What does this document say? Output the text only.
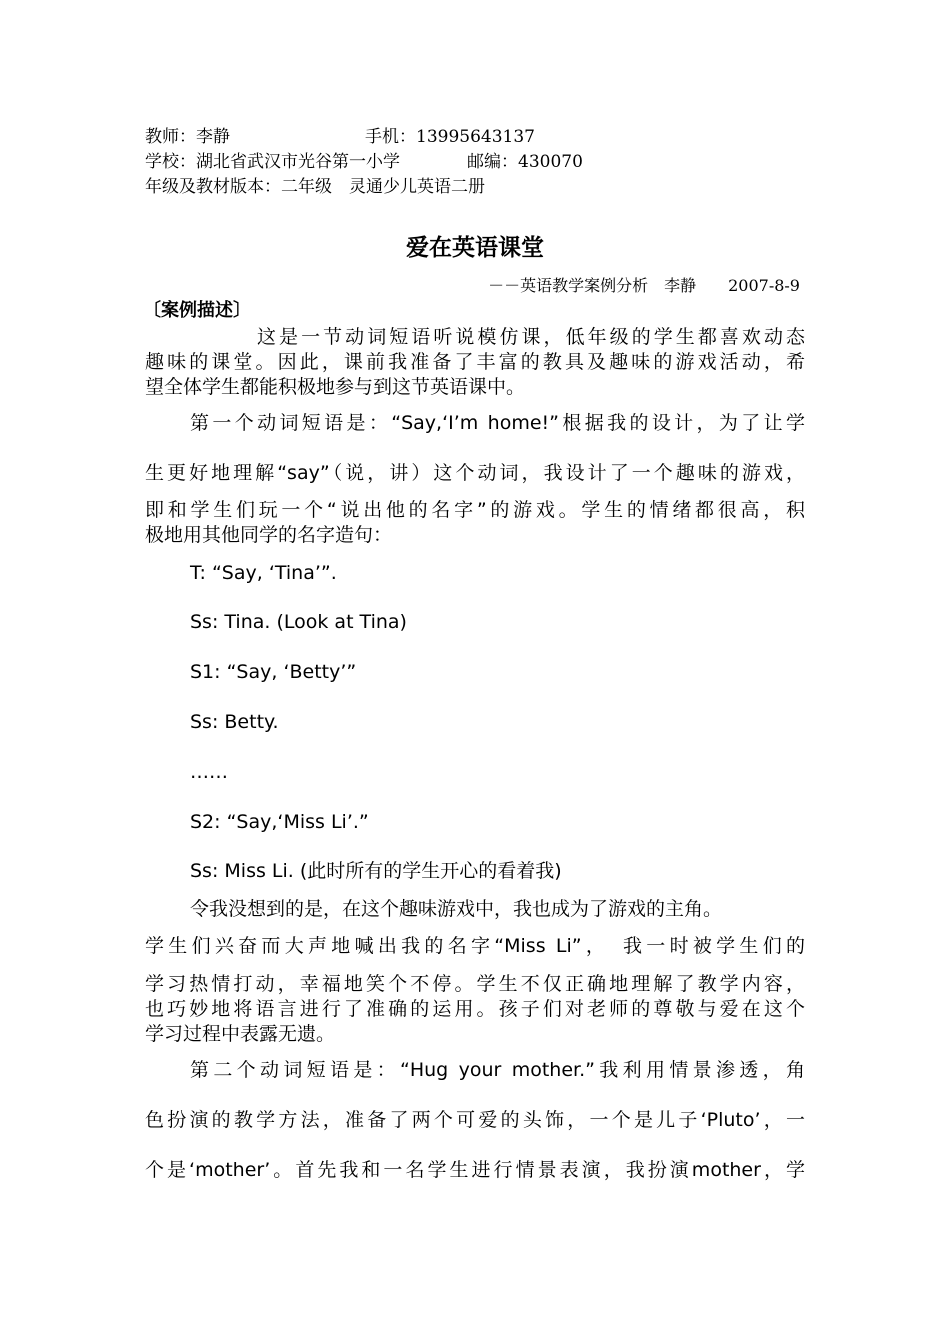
教师：李静	手机：13995643137
学校：湖北省武汉市光谷第一小学	邮编：430070
年级及教材版本：二年级　灵通少儿英语二册
爱在英语课堂
－－英语教学案例分析　李静　　2007-8-9
〔案例描述〕
这是一节动词短语听说模仿课，低年级的学生都喜欢动态
趣味的课堂。因此，课前我准备了丰富的教具及趣味的游戏活动，希
望全体学生都能积极地参与到这节英语课中。
第一个动词短语是：“Say,‘I’m home!”根据我的设计，为了让学
生更好地理解“say”（说，讲）这个动词，我设计了一个趣味的游戏，
即和学生们玩一个“说出他的名字”的游戏。学生的情绪都很高，积
极地用其他同学的名字造句：
T: “Say, ‘Tina’”.
Ss: Tina. (Look at Tina)
S1: “Say, ‘Betty’”
Ss: Betty.
……
S2: “Say,‘Miss Li’.”
Ss: Miss Li. (此时所有的学生开心的看着我)
令我没想到的是，在这个趣味游戏中，我也成为了游戏的主角。
学生们兴奋而大声地喊出我的名字“Miss Li”，　我一时被学生们的
学习热情打动，幸福地笑个不停。学生不仅正确地理解了教学内容，
也巧妙地将语言进行了准确的运用。孩子们对老师的尊敬与爱在这个
学习过程中表露无遗。
第二个动词短语是：“Hug your mother.”我利用情景渗透，角
色扮演的教学方法，准备了两个可爱的头饰，一个是儿子‘Pluto’，一
个是‘mother’。首先我和一名学生进行情景表演，我扮演mother，学
